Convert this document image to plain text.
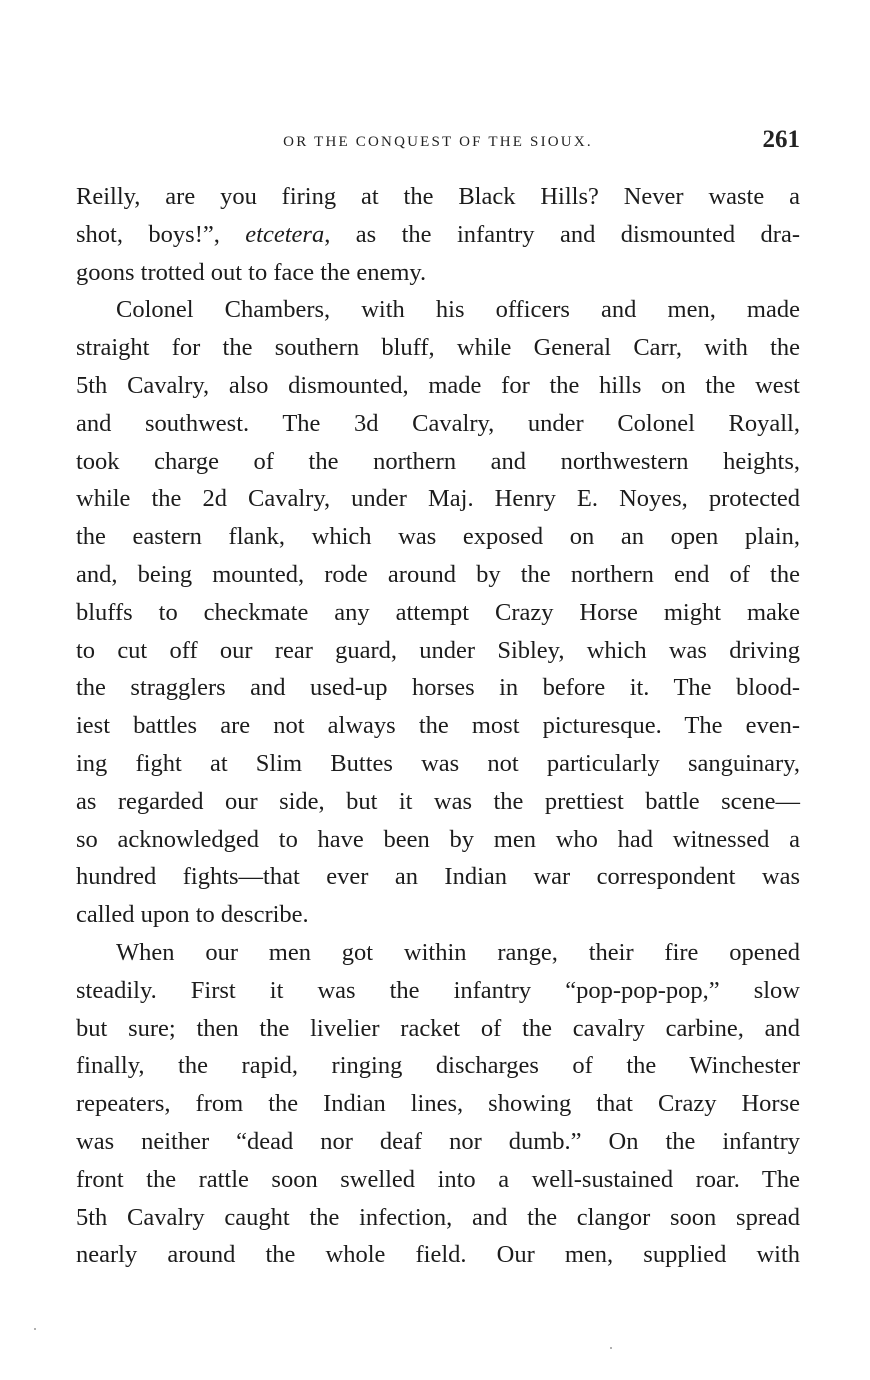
OR THE CONQUEST OF THE SIOUX.	261
Reilly, are you firing at the Black Hills? Never waste a
shot, boys!”, etcetera, as the infantry and dismounted dra-
goons trotted out to face the enemy.
Colonel Chambers, with his officers and men, made
straight for the southern bluff, while General Carr, with the
5th Cavalry, also dismounted, made for the hills on the west
and southwest. The 3d Cavalry, under Colonel Royall,
took charge of the northern and northwestern heights,
while the 2d Cavalry, under Maj. Henry E. Noyes, protected
the eastern flank, which was exposed on an open plain,
and, being mounted, rode around by the northern end of the
bluffs to checkmate any attempt Crazy Horse might make
to cut off our rear guard, under Sibley, which was driving
the stragglers and used-up horses in before it. The blood-
iest battles are not always the most picturesque. The even-
ing fight at Slim Buttes was not particularly sanguinary,
as regarded our side, but it was the prettiest battle scene—
so acknowledged to have been by men who had witnessed a
hundred fights—that ever an Indian war correspondent was
called upon to describe.
When our men got within range, their fire opened
steadily. First it was the infantry “pop-pop-pop,” slow
but sure; then the livelier racket of the cavalry carbine, and
finally, the rapid, ringing discharges of the Winchester
repeaters, from the Indian lines, showing that Crazy Horse
was neither “dead nor deaf nor dumb.” On the infantry
front the rattle soon swelled into a well-sustained roar. The
5th Cavalry caught the infection, and the clangor soon spread
nearly around the whole field. Our men, supplied with
